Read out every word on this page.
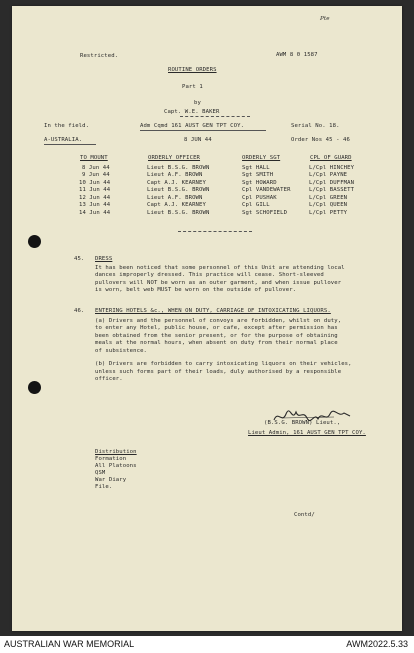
Pte
Restricted.	AWM 8 0 1587
ROUTINE ORDERS
Part 1
by
Capt. W.E. BAKER
In the field.	Adm Cqmd 161 AUST GEN TPT COY.	Serial No. 18.
A-USTRALIA.	8 JUN 44	Order Nos 45 - 46
TO MOUNT	ORDERLY OFFICER	ORDERLY SGT	CPL OF GUARD
8 Jun 44	Lieut B.S.G. BROWN	Sgt HALL	L/Cpl HINCHEY
9 Jun 44	Lieut A.F. BROWN	Sgt SMITH	L/Cpl PAYNE
10 Jun 44	Capt A.J. KEARNEY	Sgt HOWARD	L/Cpl DUFFMAN
11 Jun 44	Lieut B.S.G. BROWN	Cpl VANDEWATER	L/Cpl BASSETT
12 Jun 44	Lieut A.F. BROWN	Cpl PUSHAK	L/Cpl GREEN
13 Jun 44	Capt A.J. KEARNEY	Cpl GILL	L/Cpl QUEEN
14 Jun 44	Lieut B.S.G. BROWN	Sgt SCHOFIELD	L/Cpl PETTY
45. DRESS
It has been noticed that some personnel of this Unit are attending local
dances improperly dressed. This practice will cease. Short-sleeved
pullovers will NOT be worn as an outer garment, and when issue pullover
is worn, belt web MUST be worn on the outside of pullover.
46. ENTERING HOTELS &c., WHEN ON DUTY, CARRIAGE OF INTOXICATING LIQUORS.
(a) Drivers and the personnel of convoys are forbidden, whilst on duty,
to enter any Hotel, public house, or cafe, except after permission has
been obtained from the senior present, or for the purpose of obtaining
meals at the normal hours, when absent on duty from their normal place
of subsistence.
(b) Drivers are forbidden to carry intoxicating liquors on their vehicles,
unless such forms part of their loads, duly authorised by a responsible
officer.
(B.S.G. BROWN) Lieut.,
Lieut Admin, 161 AUST GEN TPT COY.
Distribution
Formation
All Platoons
QSM
War Diary
File.
Contd/
AUSTRALIAN WAR MEMORIAL	AWM2022.5.33
